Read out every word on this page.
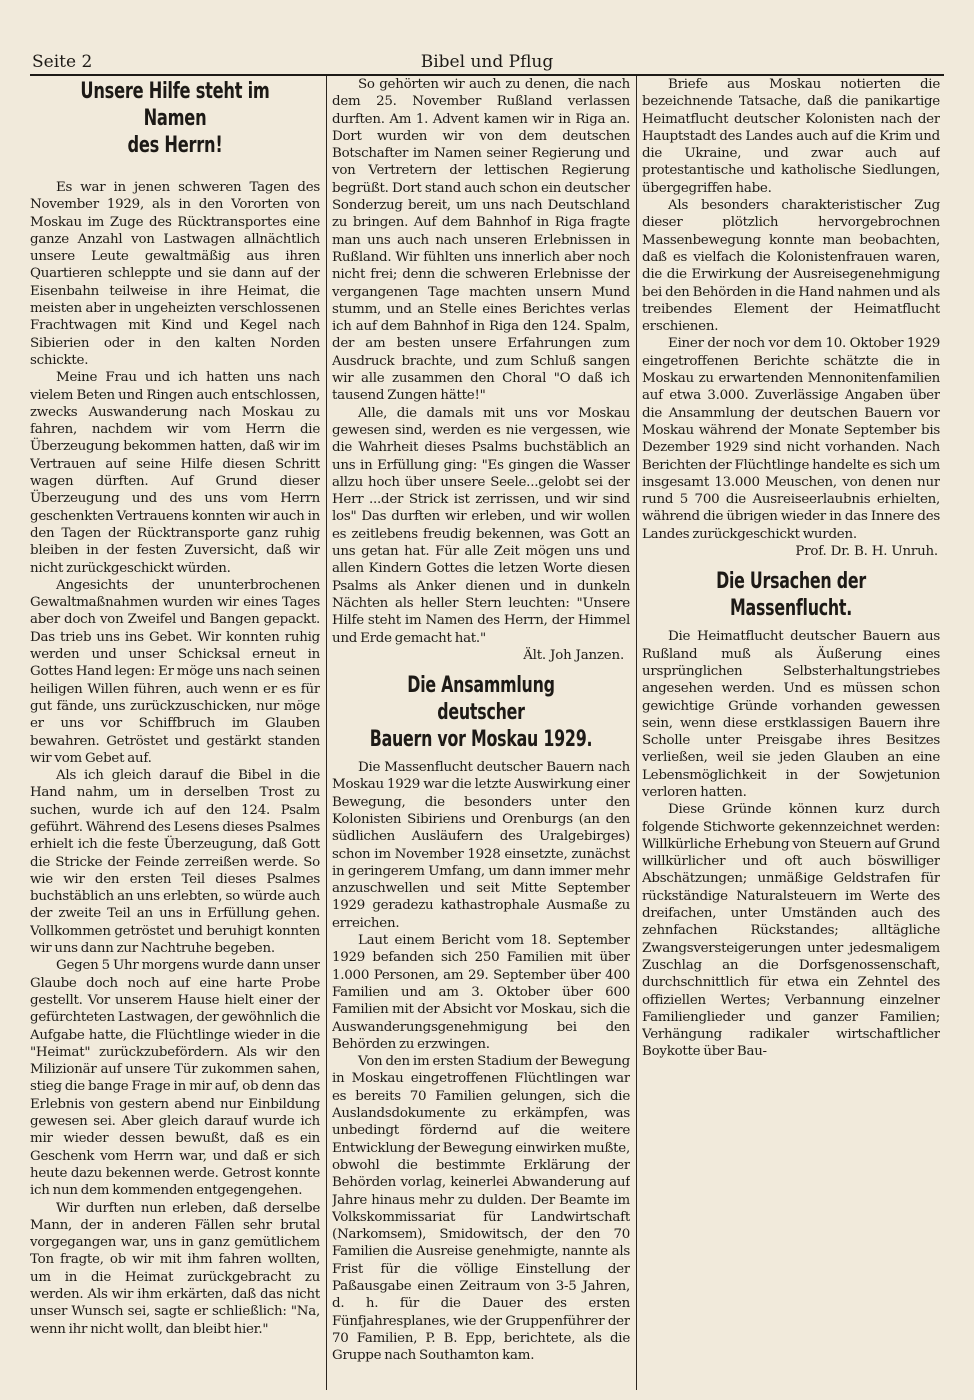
Seite 2	Bibel und Pflug
Unsere Hilfe steht im Namen
des Herrn!

Es war in jenen schweren Tagen des November 1929, als in den Vororten von Moskau im Zuge des Rücktransportes eine ganze Anzahl von Lastwagen allnächtlich unsere Leute gewaltmäßig aus ihren Quartieren schleppte und sie dann auf der Eisenbahn teilweise in ihre Heimat, die meisten aber in ungeheizten verschlossenen Frachtwagen mit Kind und Kegel nach Sibierien oder in den kalten Norden schickte.

Meine Frau und ich hatten uns nach vielem Beten und Ringen auch entschlossen, zwecks Auswanderung nach Moskau zu fahren, nachdem wir vom Herrn die Überzeugung bekommen hatten, daß wir im Vertrauen auf seine Hilfe diesen Schritt wagen dürften. Auf Grund dieser Überzeugung und des uns vom Herrn geschenkten Vertrauens konnten wir auch in den Tagen der Rücktransporte ganz ruhig bleiben in der festen Zuversicht, daß wir nicht zurückgeschickt würden.

Angesichts der ununterbrochenen Gewaltmaßnahmen wurden wir eines Tages aber doch von Zweifel und Bangen gepackt. Das trieb uns ins Gebet. Wir konnten ruhig werden und unser Schicksal erneut in Gottes Hand legen: Er möge uns nach seinen heiligen Willen führen, auch wenn er es für gut fände, uns zurückzuschicken, nur möge er uns vor Schiffbruch im Glauben bewahren. Getröstet und gestärkt standen wir vom Gebet auf.

Als ich gleich darauf die Bibel in die Hand nahm, um in derselben Trost zu suchen, wurde ich auf den 124. Psalm geführt. Während des Lesens dieses Psalmes erhielt ich die feste Überzeugung, daß Gott die Stricke der Feinde zerreißen werde. So wie wir den ersten Teil dieses Psalmes buchstäblich an uns erlebten, so würde auch der zweite Teil an uns in Erfüllung gehen. Vollkommen getröstet und beruhigt konnten wir uns dann zur Nachtruhe begeben.

Gegen 5 Uhr morgens wurde dann unser Glaube doch noch auf eine harte Probe gestellt. Vor unserem Hause hielt einer der gefürchteten Lastwagen, der gewöhnlich die Aufgabe hatte, die Flüchtlinge wieder in die "Heimat" zurückzubefördern. Als wir den Milizionär auf unsere Tür zukommen sahen, stieg die bange Frage in mir auf, ob denn das Erlebnis von gestern abend nur Einbildung gewesen sei. Aber gleich darauf wurde ich mir wieder dessen bewußt, daß es ein Geschenk vom Herrn war, und daß er sich heute dazu bekennen werde. Getrost konnte ich nun dem kommenden entgegengehen.

Wir durften nun erleben, daß derselbe Mann, der in anderen Fällen sehr brutal vorgegangen war, uns in ganz gemütlichem Ton fragte, ob wir mit ihm fahren wollten, um in die Heimat zurückgebracht zu werden. Als wir ihm erkärten, daß das nicht unser Wunsch sei, sagte er schließlich: "Na, wenn ihr nicht wollt, dan bleibt hier."

So gehörten wir auch zu denen, die nach dem 25. November Rußland verlassen durften. Am 1. Advent kamen wir in Riga an. Dort wurden wir von dem deutschen Botschafter im Namen seiner Regierung und von Vertretern der lettischen Regierung begrüßt. Dort stand auch schon ein deutscher Sonderzug bereit, um uns nach Deutschland zu bringen. Auf dem Bahnhof in Riga fragte man uns auch nach unseren Erlebnissen in Rußland. Wir fühlten uns innerlich aber noch nicht frei; denn die schweren Erlebnisse der vergangenen Tage machten unsern Mund stumm, und an Stelle eines Berichtes verlas ich auf dem Bahnhof in Riga den 124. Spalm, der am besten unsere Erfahrungen zum Ausdruck brachte, und zum Schluß sangen wir alle zusammen den Choral "O daß ich tausend Zungen hätte!"

Alle, die damals mit uns vor Moskau gewesen sind, werden es nie vergessen, wie die Wahrheit dieses Psalms buchstäblich an uns in Erfüllung ging: "Es gingen die Wasser allzu hoch über unsere Seele...gelobt sei der Herr ...der Strick ist zerrissen, und wir sind los" Das durften wir erleben, und wir wollen es zeitlebens freudig bekennen, was Gott an uns getan hat. Für alle Zeit mögen uns und allen Kindern Gottes die letzen Worte diesen Psalms als Anker dienen und in dunkeln Nächten als heller Stern leuchten: "Unsere Hilfe steht im Namen des Herrn, der Himmel und Erde gemacht hat."

Ält. Joh Janzen.
Die Ansammlung deutscher
Bauern vor Moskau 1929.

Die Massenflucht deutscher Bauern nach Moskau 1929 war die letzte Auswirkung einer Bewegung, die besonders unter den Kolonisten Sibiriens und Orenburgs (an den südlichen Ausläufern des Uralgebirges) schon im November 1928 einsetzte, zunächst in geringerem Umfang, um dann immer mehr anzuschwellen und seit Mitte September 1929 geradezu kathastrophale Ausmaße zu erreichen.

Laut einem Bericht vom 18. September 1929 befanden sich 250 Familien mit über 1.000 Personen, am 29. September über 400 Familien und am 3. Oktober über 600 Familien mit der Absicht vor Moskau, sich die Auswanderungsgenehmigung bei den Behörden zu erzwingen.

Von den im ersten Stadium der Bewegung in Moskau eingetroffenen Flüchtlingen war es bereits 70 Familien gelungen, sich die Auslandsdokumente zu erkämpfen, was unbedingt fördernd auf die weitere Entwicklung der Bewegung einwirken mußte, obwohl die bestimmte Erklärung der Behörden vorlag, keinerlei Abwanderung auf Jahre hinaus mehr zu dulden. Der Beamte im Volkskommissariat für Landwirtschaft (Narkomsem), Smidowitsch, der den 70 Familien die Ausreise genehmigte, nannte als Frist für die völlige Einstellung der Paßausgabe einen Zeitraum von 3-5 Jahren, d. h. für die Dauer des ersten Fünfjahresplanes, wie der Gruppenführer der 70 Familien, P. B. Epp, berichtete, als die Gruppe nach Southamton kam.

Briefe aus Moskau notierten die bezeichnende Tatsache, daß die panikartige Heimatflucht deutscher Kolonisten nach der Hauptstadt des Landes auch auf die Krim und die Ukraine, und zwar auch auf protestantische und katholische Siedlungen, übergegriffen habe.

Als besonders charakteristischer Zug dieser plötzlich hervorgebrochnen Massenbewegung konnte man beobachten, daß es vielfach die Kolonistenfrauen waren, die die Erwirkung der Ausreisegenehmigung bei den Behörden in die Hand nahmen und als treibendes Element der Heimatflucht erschienen.

Einer der noch vor dem 10. Oktober 1929 eingetroffenen Berichte schätzte die in Moskau zu erwartenden Mennonitenfamilien auf etwa 3.000. Zuverlässige Angaben über die Ansammlung der deutschen Bauern vor Moskau während der Monate September bis Dezember 1929 sind nicht vorhanden. Nach Berichten der Flüchtlinge handelte es sich um insgesamt 13.000 Meuschen, von denen nur rund 5 700 die Ausreiseerlaubnis erhielten, während die übrigen wieder in das Innere des Landes zurückgeschickt wurden.

Prof. Dr. B. H. Unruh.
Die Ursachen der Massenflucht.

Die Heimatflucht deutscher Bauern aus Rußland muß als Äußerung eines ursprünglichen Selbsterhaltungstriebes angesehen werden. Und es müssen schon gewichtige Gründe vorhanden gewessen sein, wenn diese erstklassigen Bauern ihre Scholle unter Preisgabe ihres Besitzes verließen, weil sie jeden Glauben an eine Lebensmöglichkeit in der Sowjetunion verloren hatten.

Diese Gründe können kurz durch folgende Stichworte gekennzeichnet werden: Willkürliche Erhebung von Steuern auf Grund willkürlicher und oft auch böswilliger Abschätzungen; unmäßige Geldstrafen für rückständige Naturalsteuern im Werte des dreifachen, unter Umständen auch des zehnfachen Rückstandes; alltägliche Zwangsversteigerungen unter jedesmaligem Zuschlag an die Dorfsgenossenschaft, durchschnittlich für etwa ein Zehntel des offiziellen Wertes; Verbannung einzelner Familienglieder und ganzer Familien; Verhängung radikaler wirtschaftlicher Boykotte über Bau-
